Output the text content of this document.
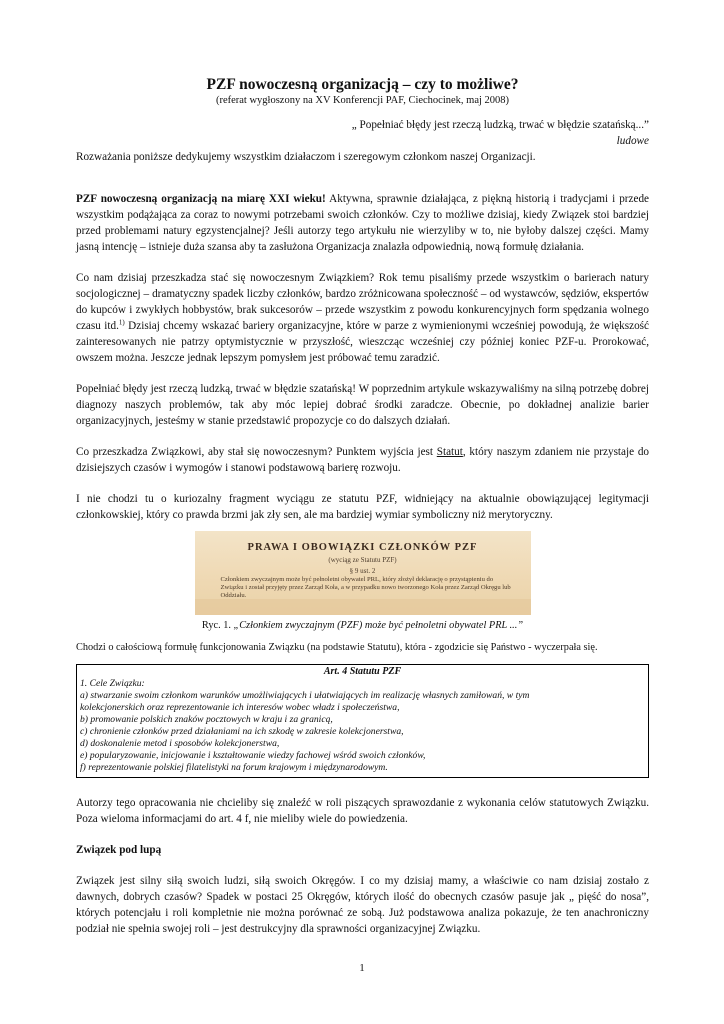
PZF nowoczesną organizacją – czy to możliwe?
(referat wygłoszony na XV Konferencji PAF, Ciechocinek, maj 2008)
„ Popełniać błędy jest rzeczą ludzką, trwać w błędzie szatańską...”
ludowe

Rozważania poniższe dedykujemy wszystkim działaczom i szeregowym członkom naszej Organizacji.

PZF nowoczesną organizacją na miarę XXI wieku! Aktywna, sprawnie działająca, z piękną historią i tradycjami i przede wszystkim podążająca za coraz to nowymi potrzebami swoich członków. Czy to możliwe dzisiaj, kiedy Związek stoi bardziej przed problemami natury egzystencjalnej? Jeśli autorzy tego artykułu nie wierzyliby w to, nie byłoby dalszej części. Mamy jasną intencję – istnieje duża szansa aby ta zasłużona Organizacja znalazła odpowiednią, nową formułę działania.

Co nam dzisiaj przeszkadza stać się nowoczesnym Związkiem? Rok temu pisaliśmy przede wszystkim o barierach natury socjologicznej – dramatyczny spadek liczby członków, bardzo zróżnicowana społeczność – od wystawców, sędziów, ekspertów do kupców i zwykłych hobbystów, brak sukcesorów – przede wszystkim z powodu konkurencyjnych form spędzania wolnego czasu itd.$^{1)}$ Dzisiaj chcemy wskazać bariery organizacyjne, które w parze z wymienionymi wcześniej powodują, że większość zainteresowanych nie patrzy optymistycznie w przyszłość, wieszcząc wcześniej czy później koniec PZF-u. Prorokować, owszem można. Jeszcze jednak lepszym pomysłem jest próbować temu zaradzić.

Popełniać błędy jest rzeczą ludzką, trwać w błędzie szatańską! W poprzednim artykule wskazywaliśmy na silną potrzebę dobrej diagnozy naszych problemów, tak aby móc lepiej dobrać środki zaradcze. Obecnie, po dokładnej analizie barier organizacyjnych, jesteśmy w stanie przedstawić propozycje co do dalszych działań.

Co przeszkadza Związkowi, aby stał się nowoczesnym? Punktem wyjścia jest Statut, który naszym zdaniem nie przystaje do dzisiejszych czasów i wymogów i stanowi podstawową barierę rozwoju.

I nie chodzi tu o kuriozalny fragment wyciągu ze statutu PZF, widniejący na aktualnie obowiązującej legitymacji członkowskiej, który co prawda brzmi jak zły sen, ale ma bardziej wymiar symboliczny niż merytoryczny.

PRAWA I OBOWIĄZKI CZŁONKÓW PZF
(wyciąg ze Statutu PZF)
§ 9 ust. 2
Członkiem zwyczajnym może być pełnoletni obywatel PRL, który złożył deklarację o przystąpieniu do Związku i został przyjęty przez Zarząd Koła, a w przypadku nowo tworzonego Koła przez Zarząd Okręgu lub Oddziału.
Ryc. 1. „Członkiem zwyczajnym (PZF) może być pełnoletni obywatel PRL ...”

Chodzi o całościową formułę funkcjonowania Związku (na podstawie Statutu), która - zgodzicie się Państwo - wyczerpała się.

Art. 4 Statutu PZF
1. Cele Związku:
a) stwarzanie swoim członkom warunków umożliwiających i ułatwiających im realizację własnych zamiłowań, w tym
kolekcjonerskich oraz reprezentowanie ich interesów wobec władz i społeczeństwa,
b) promowanie polskich znaków pocztowych w kraju i za granicą,
c) chronienie członków przed działaniami na ich szkodę w zakresie kolekcjonerstwa,
d) doskonalenie metod i sposobów kolekcjonerstwa,
e) popularyzowanie, inicjowanie i kształtowanie wiedzy fachowej wśród swoich członków,
f) reprezentowanie polskiej filatelistyki na forum krajowym i międzynarodowym.

Autorzy tego opracowania nie chcieliby się znaleźć w roli piszących sprawozdanie z wykonania celów statutowych Związku. Poza wieloma informacjami do art. 4 f, nie mieliby wiele do powiedzenia.

Związek pod lupą

Związek jest silny siłą swoich ludzi, siłą swoich Okręgów. I co my dzisiaj mamy, a właściwie co nam dzisiaj zostało z dawnych, dobrych czasów? Spadek w postaci 25 Okręgów, których ilość do obecnych czasów pasuje jak „ pięść do nosa”, których potencjału i roli kompletnie nie można porównać ze sobą. Już podstawowa analiza pokazuje, że ten anachroniczny podział nie spełnia swojej roli – jest destrukcyjny dla sprawności organizacyjnej Związku.

1
